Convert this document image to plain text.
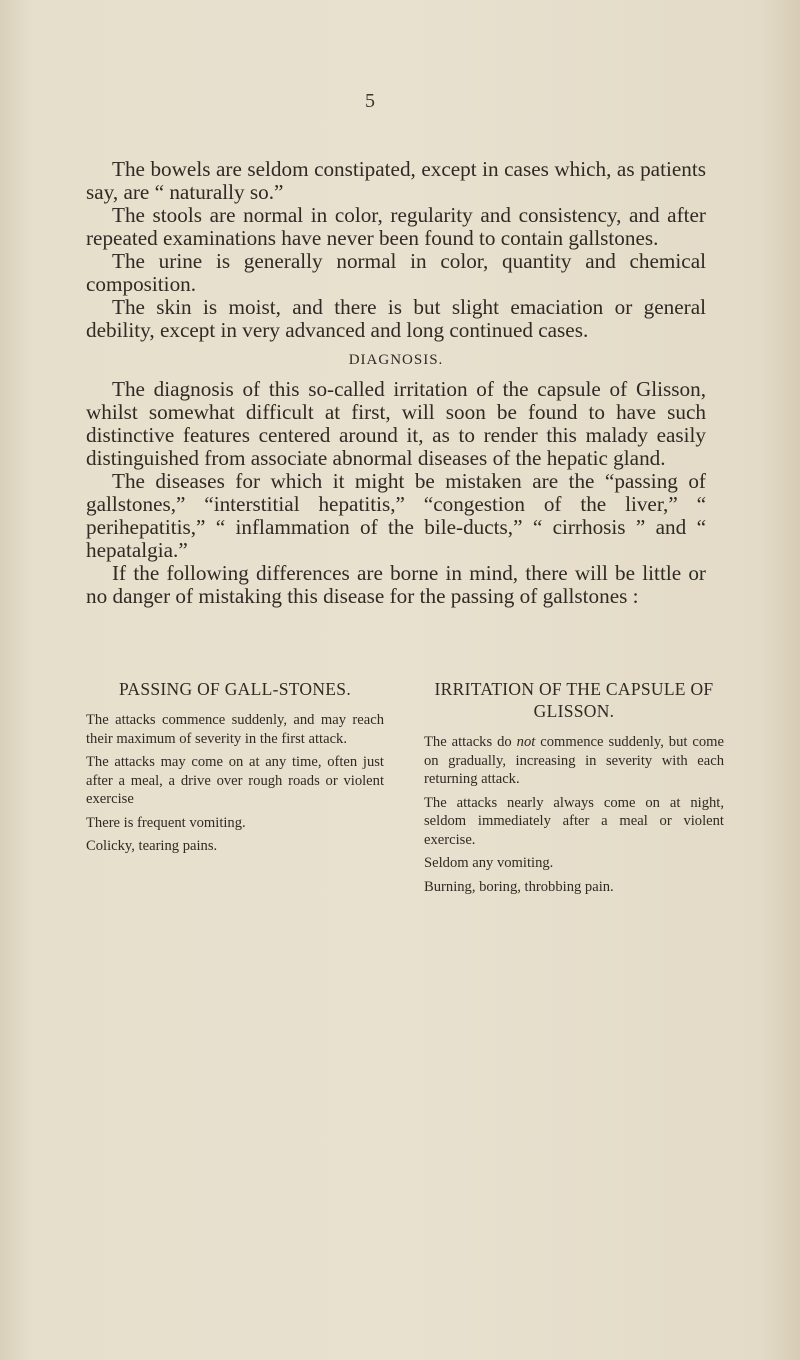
5

The bowels are seldom constipated, except in cases which, as patients say, are “ naturally so.”

The stools are normal in color, regularity and consistency, and after repeated examinations have never been found to contain gallstones.

The urine is generally normal in color, quantity and chemical composition.

The skin is moist, and there is but slight emaciation or general debility, except in very advanced and long continued cases.

DIAGNOSIS.

The diagnosis of this so-called irritation of the capsule of Glisson, whilst somewhat difficult at first, will soon be found to have such distinctive features centered around it, as to render this malady easily distinguished from associate abnormal diseases of the hepatic gland.

The diseases for which it might be mistaken are the “passing of gallstones,” “interstitial hepatitis,” “congestion of the liver,” “ perihepatitis,” “ inflammation of the bile-ducts,” “ cirrhosis ” and “ hepatalgia.”

If the following differences are borne in mind, there will be little or no danger of mistaking this disease for the passing of gallstones :

PASSING OF GALL-STONES.

The attacks commence suddenly, and may reach their maximum of severity in the first attack.

The attacks may come on at any time, often just after a meal, a drive over rough roads or violent exercise

There is frequent vomiting.

Colicky, tearing pains.

IRRITATION OF THE CAPSULE OF GLISSON.

The attacks do not commence suddenly, but come on gradually, increasing in severity with each returning attack.

The attacks nearly always come on at night, seldom immediately after a meal or violent exercise.

Seldom any vomiting.

Burning, boring, throbbing pain.
